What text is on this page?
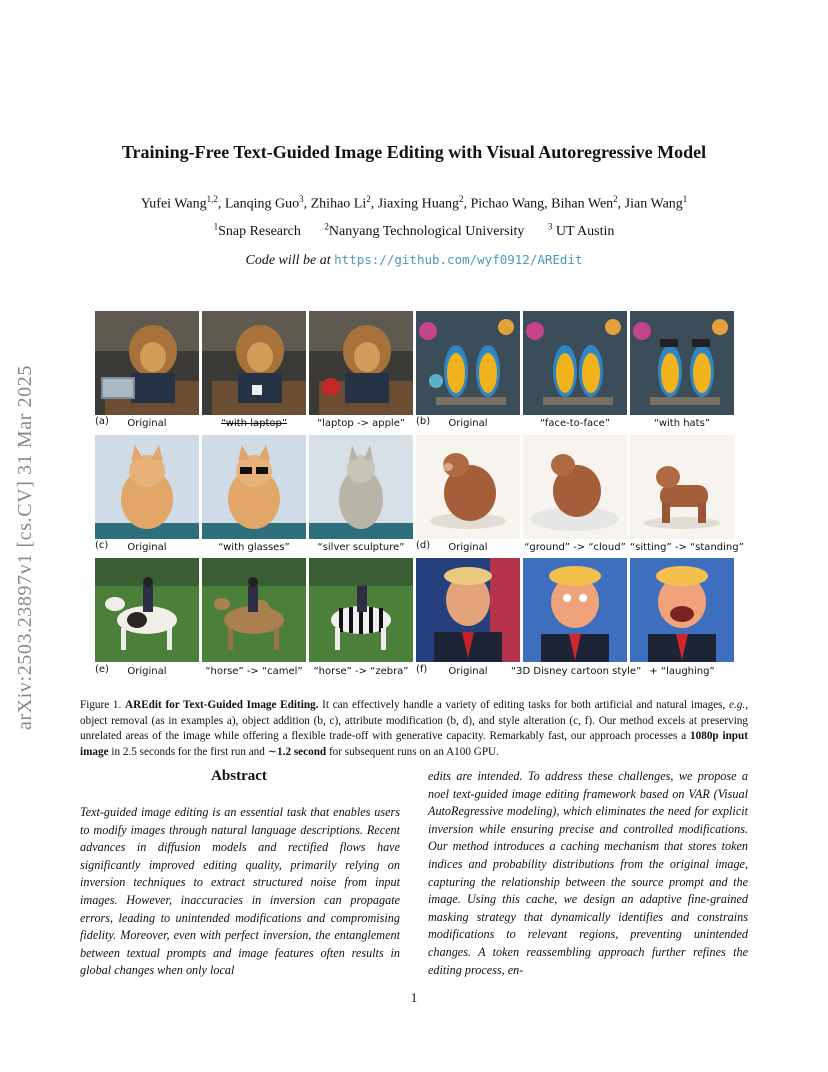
arXiv:2503.23897v1 [cs.CV] 31 Mar 2025
Training-Free Text-Guided Image Editing with Visual Autoregressive Model
Yufei Wang$^{1,2}$, Lanqing Guo$^3$, Zhihao Li$^2$, Jiaxing Huang$^2$, Pichao Wang, Bihan Wen$^2$, Jian Wang$^1$
$^1$Snap Research	$^2$Nanyang Technological University	$^3$ UT Austin
Code will be at https://github.com/wyf0912/AREdit
(a)	Original	“with laptop”	“laptop -> apple”	(b)	Original	“face-to-face”	“with hats”
(c)	Original	“with glasses”	“silver sculpture”	(d)	Original	“ground” -> “cloud” “sitting” -> “standing”
(e)	Original	“horse” -> “camel”	“horse” -> “zebra” (f)	Original	“3D Disney cartoon style” + “laughing”
Figure 1. AREdit for Text-Guided Image Editing. It can effectively handle a variety of editing tasks for both artificial and natural images, e.g., object removal (as in examples a), object addition (b, c), attribute modification (b, d), and style alteration (c, f). Our method excels at preserving unrelated areas of the image while offering a flexible trade-off with generative capacity. Remarkably fast, our approach processes a 1080p input image in 2.5 seconds for the first run and ∼1.2 second for subsequent runs on an A100 GPU.
Abstract
Text-guided image editing is an essential task that enables users to modify images through natural language descriptions. Recent advances in diffusion models and rectified flows have significantly improved editing quality, primarily relying on inversion techniques to extract structured noise from input images. However, inaccuracies in inversion can propagate errors, leading to unintended modifications and compromising fidelity. Moreover, even with perfect inversion, the entanglement between textual prompts and image features often results in global changes when only local
edits are intended. To address these challenges, we propose a noel text-guided image editing framework based on VAR (Visual AutoRegressive modeling), which eliminates the need for explicit inversion while ensuring precise and controlled modifications. Our method introduces a caching mechanism that stores token indices and probability distributions from the original image, capturing the relationship between the source prompt and the image. Using this cache, we design an adaptive fine-grained masking strategy that dynamically identifies and constrains modifications to relevant regions, preventing unintended changes. A token reassembling approach further refines the editing process, en-
1
